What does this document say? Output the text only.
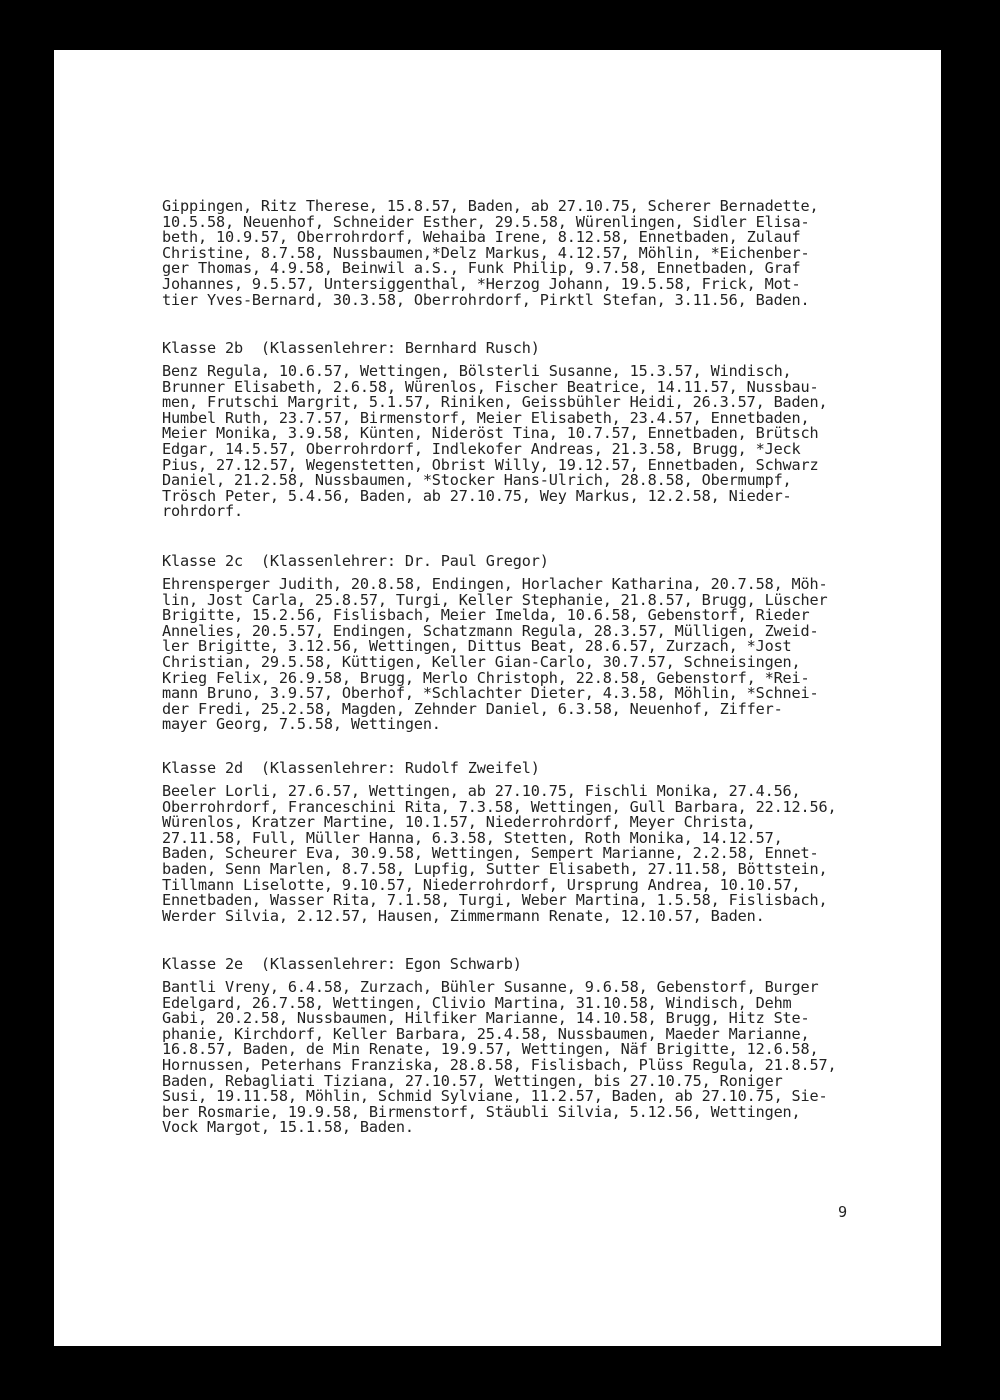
Gippingen, Ritz Therese, 15.8.57, Baden, ab 27.10.75, Scherer Bernadette,
10.5.58, Neuenhof, Schneider Esther, 29.5.58, Würenlingen, Sidler Elisa-
beth, 10.9.57, Oberrohrdorf, Wehaiba Irene, 8.12.58, Ennetbaden, Zulauf
Christine, 8.7.58, Nussbaumen,*Delz Markus, 4.12.57, Möhlin, *Eichenber-
ger Thomas, 4.9.58, Beinwil a.S., Funk Philip, 9.7.58, Ennetbaden, Graf
Johannes, 9.5.57, Untersiggenthal, *Herzog Johann, 19.5.58, Frick, Mot-
tier Yves-Bernard, 30.3.58, Oberrohrdorf, Pirktl Stefan, 3.11.56, Baden.
Klasse 2b  (Klassenlehrer: Bernhard Rusch)
Benz Regula, 10.6.57, Wettingen, Bölsterli Susanne, 15.3.57, Windisch,
Brunner Elisabeth, 2.6.58, Würenlos, Fischer Beatrice, 14.11.57, Nussbau-
men, Frutschi Margrit, 5.1.57, Riniken, Geissbühler Heidi, 26.3.57, Baden,
Humbel Ruth, 23.7.57, Birmenstorf, Meier Elisabeth, 23.4.57, Ennetbaden,
Meier Monika, 3.9.58, Künten, Nideröst Tina, 10.7.57, Ennetbaden, Brütsch
Edgar, 14.5.57, Oberrohrdorf, Indlekofer Andreas, 21.3.58, Brugg, *Jeck
Pius, 27.12.57, Wegenstetten, Obrist Willy, 19.12.57, Ennetbaden, Schwarz
Daniel, 21.2.58, Nussbaumen, *Stocker Hans-Ulrich, 28.8.58, Obermumpf,
Trösch Peter, 5.4.56, Baden, ab 27.10.75, Wey Markus, 12.2.58, Nieder-
rohrdorf.
Klasse 2c  (Klassenlehrer: Dr. Paul Gregor)
Ehrensperger Judith, 20.8.58, Endingen, Horlacher Katharina, 20.7.58, Möh-
lin, Jost Carla, 25.8.57, Turgi, Keller Stephanie, 21.8.57, Brugg, Lüscher
Brigitte, 15.2.56, Fislisbach, Meier Imelda, 10.6.58, Gebenstorf, Rieder
Annelies, 20.5.57, Endingen, Schatzmann Regula, 28.3.57, Mülligen, Zweid-
ler Brigitte, 3.12.56, Wettingen, Dittus Beat, 28.6.57, Zurzach, *Jost
Christian, 29.5.58, Küttigen, Keller Gian-Carlo, 30.7.57, Schneisingen,
Krieg Felix, 26.9.58, Brugg, Merlo Christoph, 22.8.58, Gebenstorf, *Rei-
mann Bruno, 3.9.57, Oberhof, *Schlachter Dieter, 4.3.58, Möhlin, *Schnei-
der Fredi, 25.2.58, Magden, Zehnder Daniel, 6.3.58, Neuenhof, Ziffer-
mayer Georg, 7.5.58, Wettingen.
Klasse 2d  (Klassenlehrer: Rudolf Zweifel)
Beeler Lorli, 27.6.57, Wettingen, ab 27.10.75, Fischli Monika, 27.4.56,
Oberrohrdorf, Franceschini Rita, 7.3.58, Wettingen, Gull Barbara, 22.12.56,
Würenlos, Kratzer Martine, 10.1.57, Niederrohrdorf, Meyer Christa,
27.11.58, Full, Müller Hanna, 6.3.58, Stetten, Roth Monika, 14.12.57,
Baden, Scheurer Eva, 30.9.58, Wettingen, Sempert Marianne, 2.2.58, Ennet-
baden, Senn Marlen, 8.7.58, Lupfig, Sutter Elisabeth, 27.11.58, Böttstein,
Tillmann Liselotte, 9.10.57, Niederrohrdorf, Ursprung Andrea, 10.10.57,
Ennetbaden, Wasser Rita, 7.1.58, Turgi, Weber Martina, 1.5.58, Fislisbach,
Werder Silvia, 2.12.57, Hausen, Zimmermann Renate, 12.10.57, Baden.
Klasse 2e  (Klassenlehrer: Egon Schwarb)
Bantli Vreny, 6.4.58, Zurzach, Bühler Susanne, 9.6.58, Gebenstorf, Burger
Edelgard, 26.7.58, Wettingen, Clivio Martina, 31.10.58, Windisch, Dehm
Gabi, 20.2.58, Nussbaumen, Hilfiker Marianne, 14.10.58, Brugg, Hitz Ste-
phanie, Kirchdorf, Keller Barbara, 25.4.58, Nussbaumen, Maeder Marianne,
16.8.57, Baden, de Min Renate, 19.9.57, Wettingen, Näf Brigitte, 12.6.58,
Hornussen, Peterhans Franziska, 28.8.58, Fislisbach, Plüss Regula, 21.8.57,
Baden, Rebagliati Tiziana, 27.10.57, Wettingen, bis 27.10.75, Roniger
Susi, 19.11.58, Möhlin, Schmid Sylviane, 11.2.57, Baden, ab 27.10.75, Sie-
ber Rosmarie, 19.9.58, Birmenstorf, Stäubli Silvia, 5.12.56, Wettingen,
Vock Margot, 15.1.58, Baden.
9
